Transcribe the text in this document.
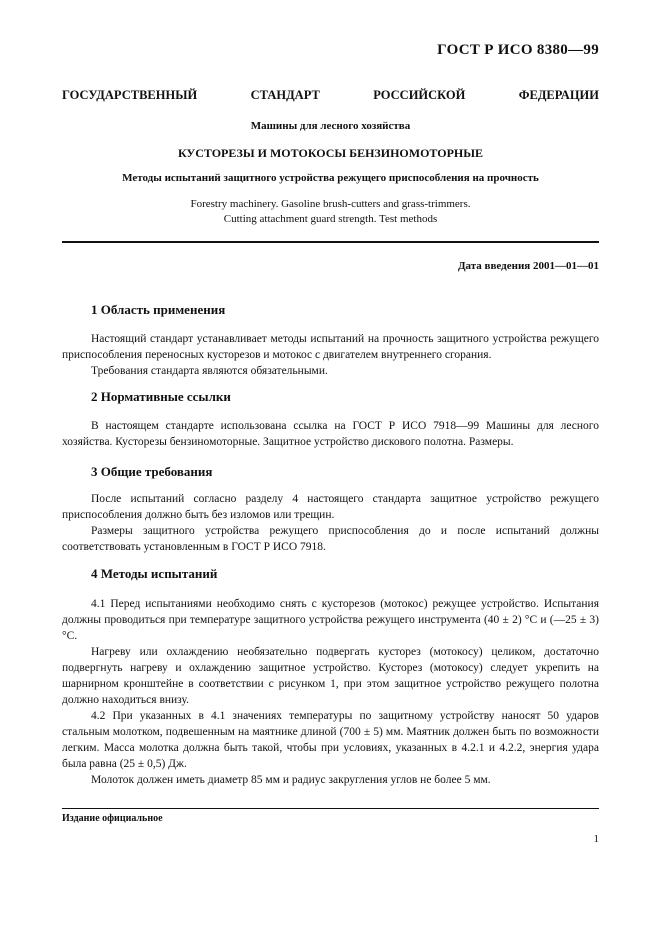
ГОСТ Р ИСО 8380—99
ГОСУДАРСТВЕННЫЙ СТАНДАРТ РОССИЙСКОЙ ФЕДЕРАЦИИ
Машины для лесного хозяйства
КУСТОРЕЗЫ И МОТОКОСЫ БЕНЗИНОМОТОРНЫЕ
Методы испытаний защитного устройства режущего приспособления на прочность
Forestry machinery. Gasoline brush-cutters and grass-trimmers.
Cutting attachment guard strength. Test methods
Дата введения 2001—01—01
1 Область применения

Настоящий стандарт устанавливает методы испытаний на прочность защитного устройства режущего приспособления переносных кусторезов и мотокос с двигателем внутреннего сгорания.

Требования стандарта являются обязательными.

2 Нормативные ссылки

В настоящем стандарте использована ссылка на ГОСТ Р ИСО 7918—99 Машины для лесного хозяйства. Кусторезы бензиномоторные. Защитное устройство дискового полотна. Размеры.

3 Общие требования

После испытаний согласно разделу 4 настоящего стандарта защитное устройство режущего приспособления должно быть без изломов или трещин.

Размеры защитного устройства режущего приспособления до и после испытаний должны соответствовать установленным в ГОСТ Р ИСО 7918.

4 Методы испытаний

4.1 Перед испытаниями необходимо снять с кусторезов (мотокос) режущее устройство. Испытания должны проводиться при температуре защитного устройства режущего инструмента (40 ± 2) °С и (—25 ± 3) °С.

Нагреву или охлаждению необязательно подвергать кусторез (мотокосу) целиком, достаточно подвергнуть нагреву и охлаждению защитное устройство. Кусторез (мотокосу) следует укрепить на шарнирном кронштейне в соответствии с рисунком 1, при этом защитное устройство режущего полотна должно находиться внизу.

4.2 При указанных в 4.1 значениях температуры по защитному устройству наносят 50 ударов стальным молотком, подвешенным на маятнике длиной (700 ± 5) мм. Маятник должен быть по возможности легким. Масса молотка должна быть такой, чтобы при условиях, указанных в 4.2.1 и 4.2.2, энергия удара была равна (25 ± 0,5) Дж.

Молоток должен иметь диаметр 85 мм и радиус закругления углов не более 5 мм.

Издание официальное
1
